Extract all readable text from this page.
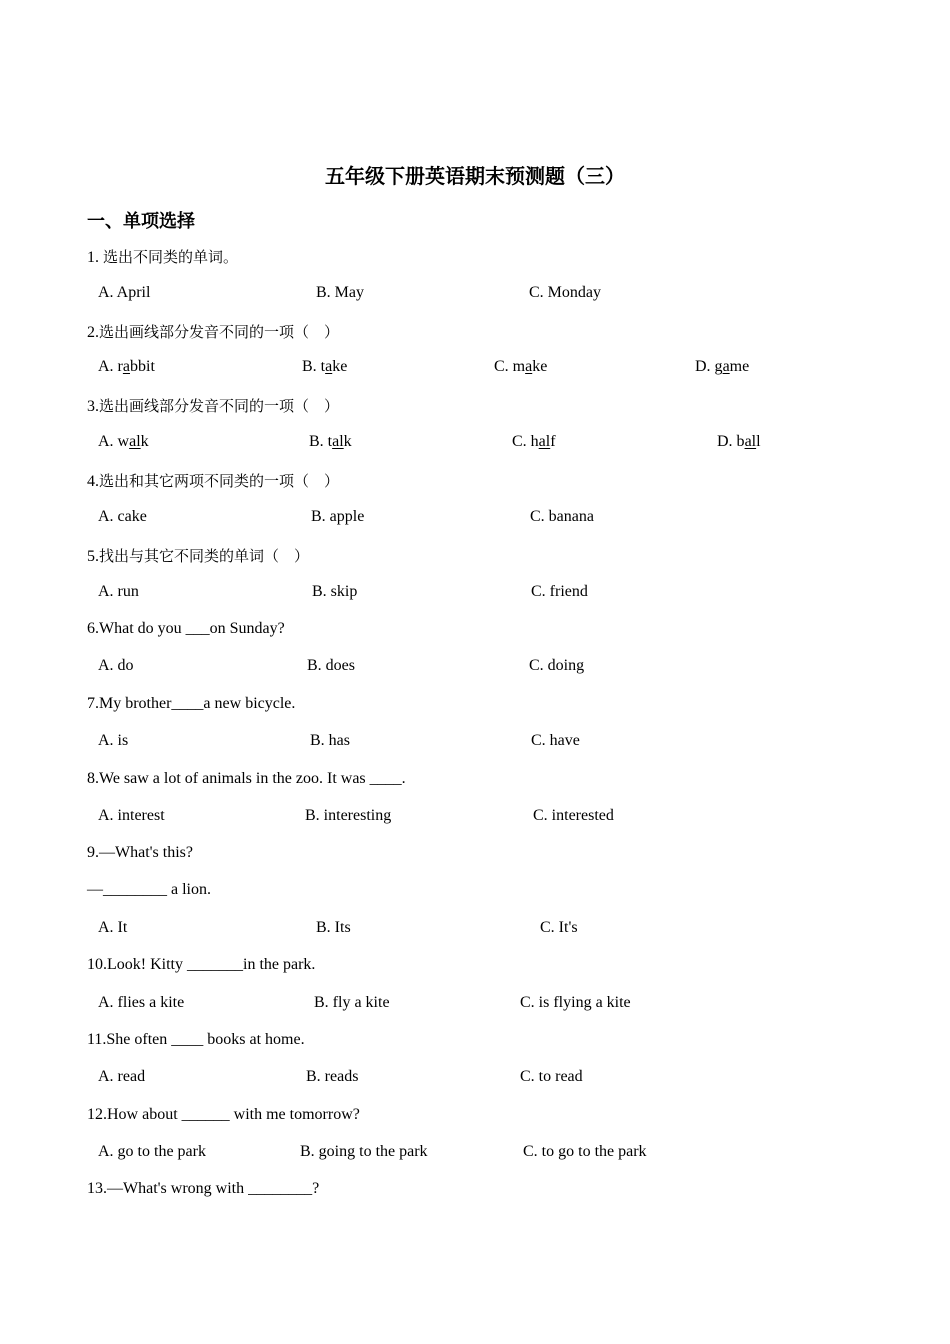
五年级下册英语期末预测题（三）
一、单项选择
1. 选出不同类的单词。
A. April	B. May	C. Monday
2.选出画线部分发音不同的一项（　）
A. rabbit	B. take	C. make	D. game
3.选出画线部分发音不同的一项（　）
A. walk	B. talk	C. half	D. ball
4.选出和其它两项不同类的一项（　）
A. cake	B. apple	C. banana
5.找出与其它不同类的单词（　）
A. run	B. skip	C. friend
6.What do you ___on Sunday?
A. do	B. does	C. doing
7.My brother____a new bicycle.
A. is	B. has	C. have
8.We saw a lot of animals in the zoo. It was ____.
A. interest	B. interesting	C. interested
9.—What's this?
—________ a lion.
A. It	B. Its	C. It's
10.Look! Kitty _______in the park.
A. flies a kite	B. fly a kite	C. is flying a kite
11.She often ____ books at home.
A. read	B. reads	C. to read
12.How about ______ with me tomorrow?
A. go to the park	B. going to the park	C. to go to the park
13.—What's wrong with ________?
